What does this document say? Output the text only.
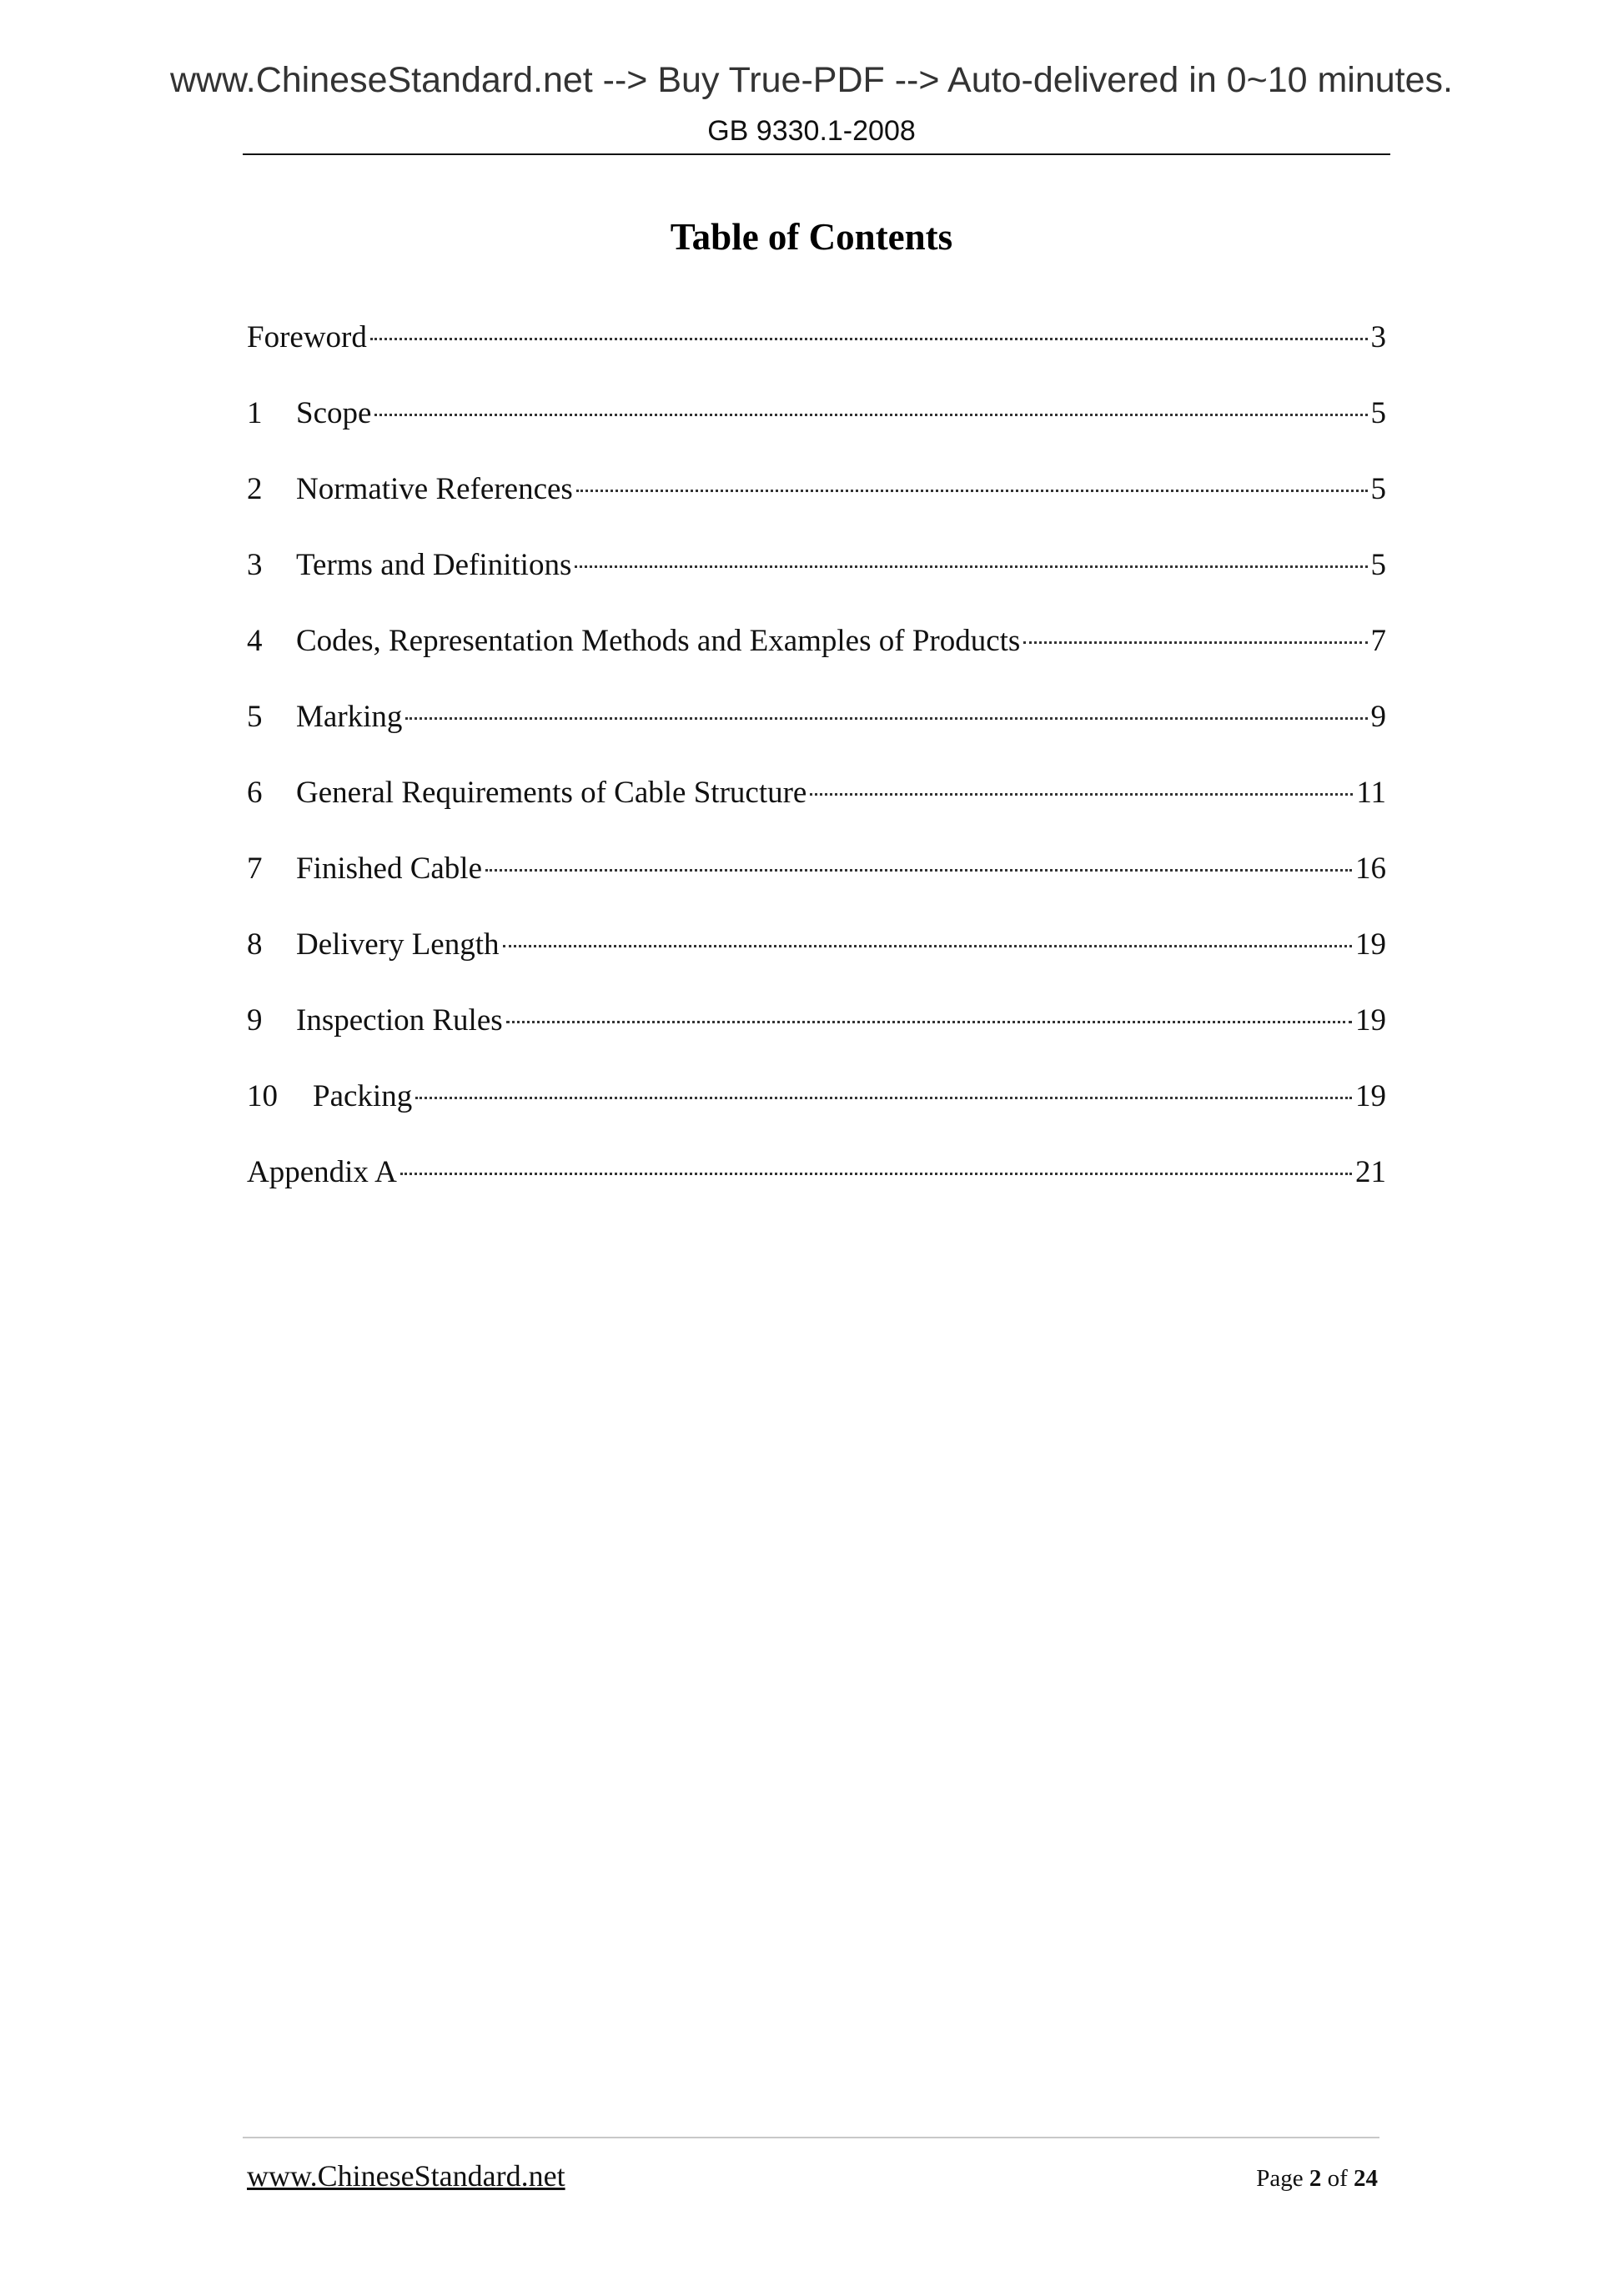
www.ChineseStandard.net --> Buy True-PDF --> Auto-delivered in 0~10 minutes.
GB 9330.1-2008
Table of Contents
Foreword	3
1	Scope	5
2	Normative References	5
3	Terms and Definitions	5
4	Codes, Representation Methods and Examples of Products	7
5	Marking	9
6	General Requirements of Cable Structure	11
7	Finished Cable	16
8	Delivery Length	19
9	Inspection Rules	19
10	Packing	19
Appendix A	21
www.ChineseStandard.net	Page 2 of 24
